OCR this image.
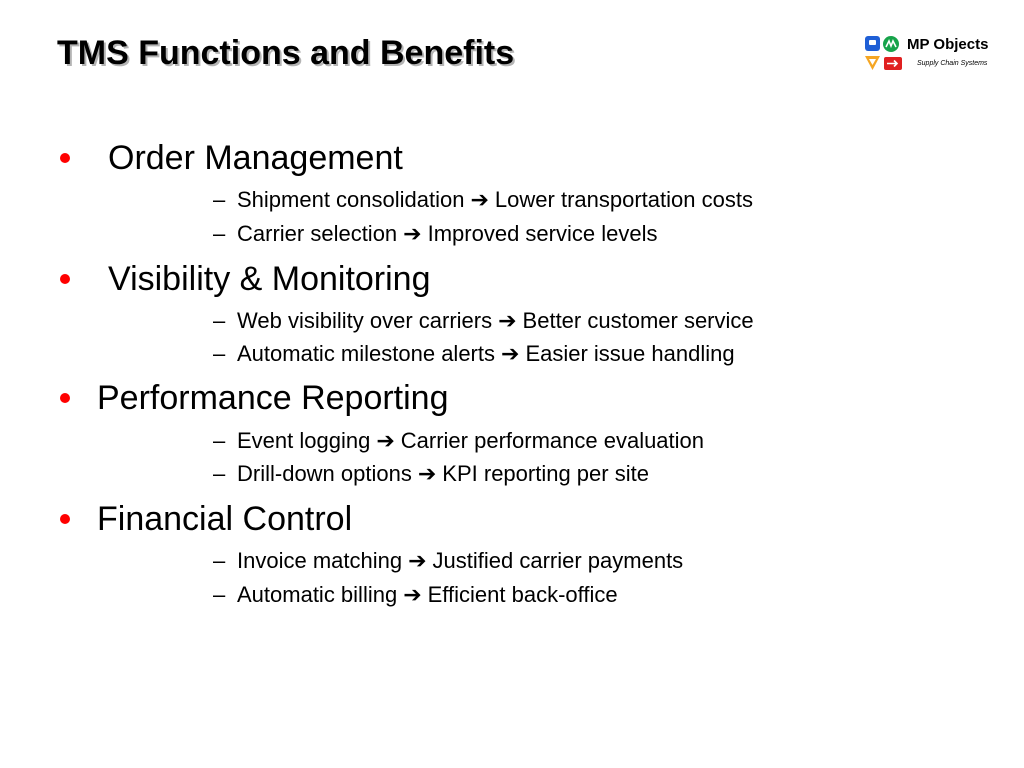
TMS Functions and Benefits	MP Objects
Supply Chain Systems
Order Management
– Shipment consolidation ➔ Lower transportation costs
– Carrier selection ➔ Improved service levels
Visibility & Monitoring
– Web visibility over carriers ➔ Better customer service
– Automatic milestone alerts ➔ Easier issue handling
Performance Reporting
– Event logging ➔ Carrier performance evaluation
– Drill-down options ➔ KPI reporting per site
Financial Control
– Invoice matching ➔ Justified carrier payments
– Automatic billing ➔ Efficient back-office
